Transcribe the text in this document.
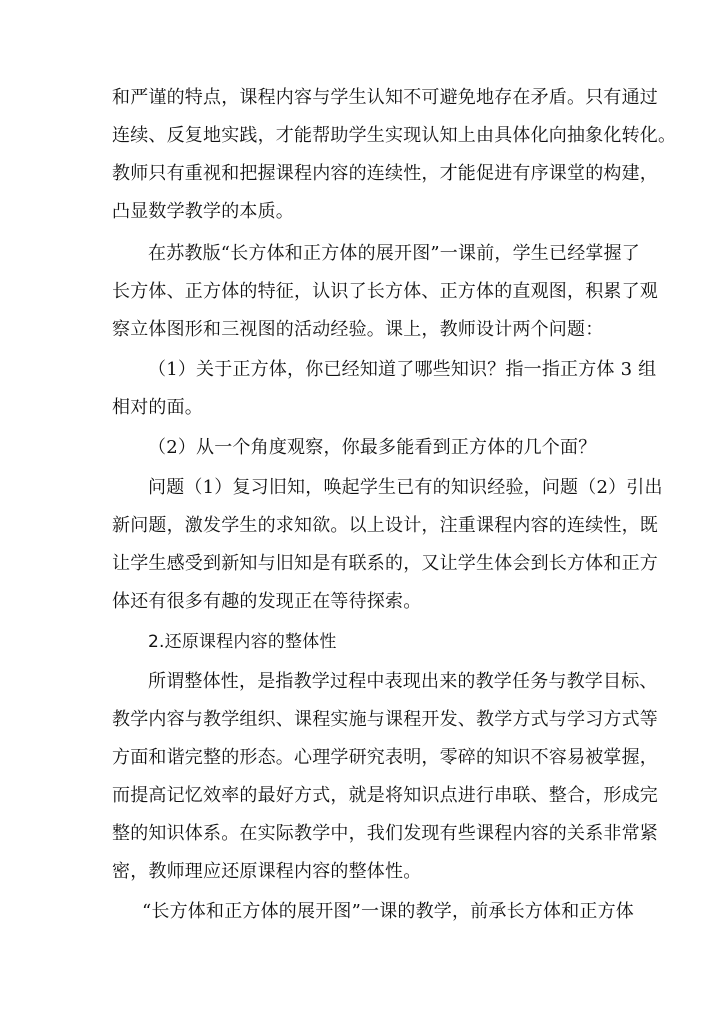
和严谨的特点，课程内容与学生认知不可避免地存在矛盾。只有通过
连续、反复地实践，才能帮助学生实现认知上由具体化向抽象化转化。
教师只有重视和把握课程内容的连续性，才能促进有序课堂的构建，
凸显数学教学的本质。
在苏教版“长方体和正方体的展开图”一课前，学生已经掌握了
长方体、正方体的特征，认识了长方体、正方体的直观图，积累了观
察立体图形和三视图的活动经验。课上，教师设计两个问题：
（1）关于正方体，你已经知道了哪些知识？指一指正方体 3 组
相对的面。
（2）从一个角度观察，你最多能看到正方体的几个面？
问题（1）复习旧知，唤起学生已有的知识经验，问题（2）引出
新问题，激发学生的求知欲。以上设计，注重课程内容的连续性，既
让学生感受到新知与旧知是有联系的，又让学生体会到长方体和正方
体还有很多有趣的发现正在等待探索。
2.还原课程内容的整体性
所谓整体性，是指教学过程中表现出来的教学任务与教学目标、
教学内容与教学组织、课程实施与课程开发、教学方式与学习方式等
方面和谐完整的形态。心理学研究表明，零碎的知识不容易被掌握，
而提高记忆效率的最好方式，就是将知识点进行串联、整合，形成完
整的知识体系。在实际教学中，我们发现有些课程内容的关系非常紧
密，教师理应还原课程内容的整体性。
“长方体和正方体的展开图”一课的教学，前承长方体和正方体
